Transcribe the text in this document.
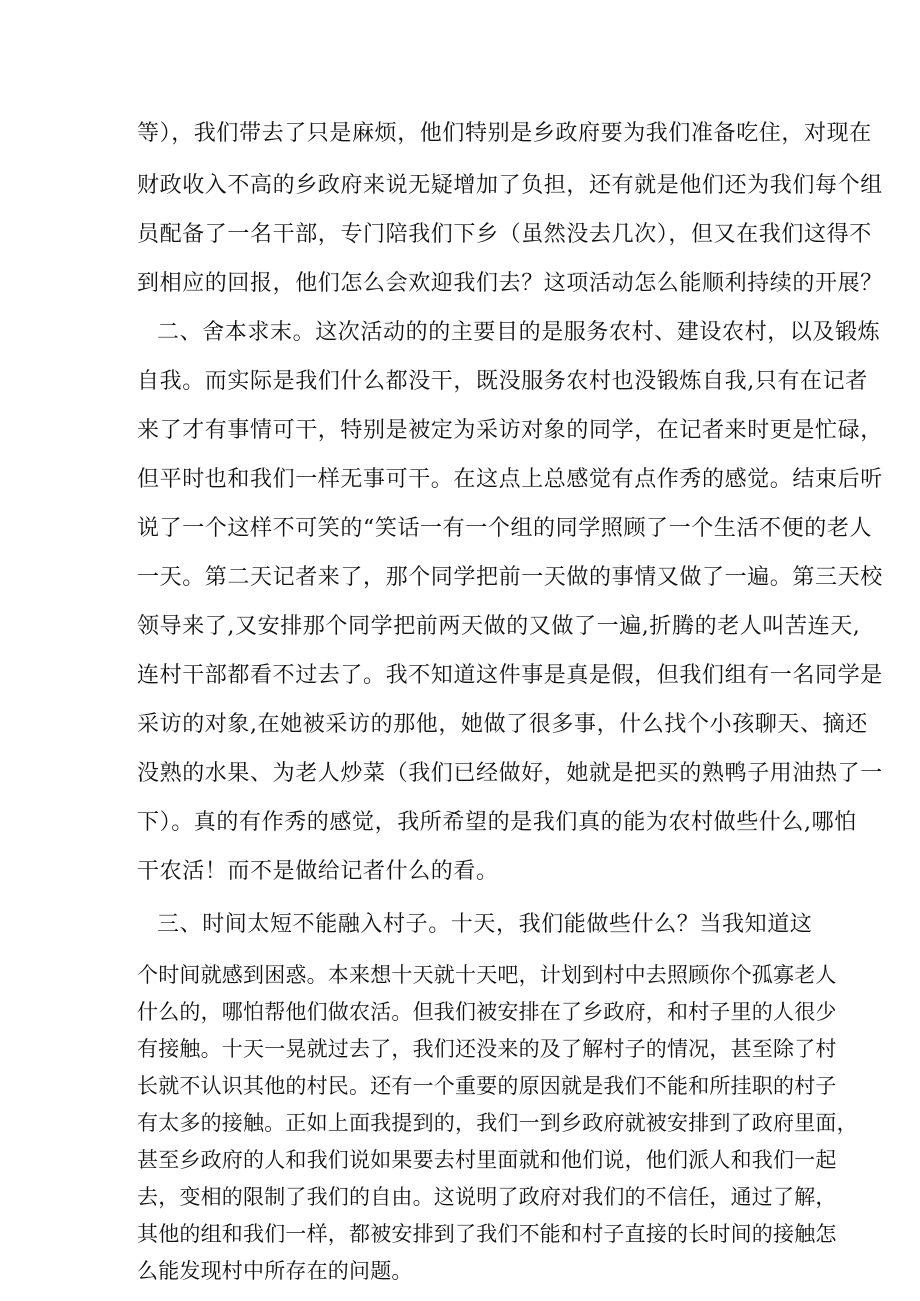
等），我们带去了只是麻烦，他们特别是乡政府要为我们准备吃住，对现在

财政收入不高的乡政府来说无疑增加了负担，还有就是他们还为我们每个组

员配备了一名干部，专门陪我们下乡（虽然没去几次），但又在我们这得不

到相应的回报，他们怎么会欢迎我们去？这项活动怎么能顺利持续的开展？

二、舍本求末。这次活动的的主要目的是服务农村、建设农村，以及锻炼

自我。而实际是我们什么都没干，既没服务农村也没锻炼自我,只有在记者

来了才有事情可干，特别是被定为采访对象的同学，在记者来时更是忙碌，

但平时也和我们一样无事可干。在这点上总感觉有点作秀的感觉。结束后听

说了一个这样不可笑的“笑话一有一个组的同学照顾了一个生活不便的老人

一天。第二天记者来了，那个同学把前一天做的事情又做了一遍。第三天校

领导来了,又安排那个同学把前两天做的又做了一遍,折腾的老人叫苦连天,

连村干部都看不过去了。我不知道这件事是真是假，但我们组有一名同学是

采访的对象,在她被采访的那他，她做了很多事，什么找个小孩聊天、摘还

没熟的水果、为老人炒菜（我们已经做好，她就是把买的熟鸭子用油热了一

下）。真的有作秀的感觉，我所希望的是我们真的能为农村做些什么,哪怕

干农活！而不是做给记者什么的看。

三、时间太短不能融入村子。十天，我们能做些什么？当我知道这

个时间就感到困惑。本来想十天就十天吧，计划到村中去照顾你个孤寡老人

什么的，哪怕帮他们做农活。但我们被安排在了乡政府，和村子里的人很少

有接触。十天一晃就过去了，我们还没来的及了解村子的情况，甚至除了村

长就不认识其他的村民。还有一个重要的原因就是我们不能和所挂职的村子

有太多的接触。正如上面我提到的，我们一到乡政府就被安排到了政府里面，

甚至乡政府的人和我们说如果要去村里面就和他们说，他们派人和我们一起

去，变相的限制了我们的自由。这说明了政府对我们的不信任，通过了解，

其他的组和我们一样，都被安排到了我们不能和村子直接的长时间的接触怎

么能发现村中所存在的问题。
